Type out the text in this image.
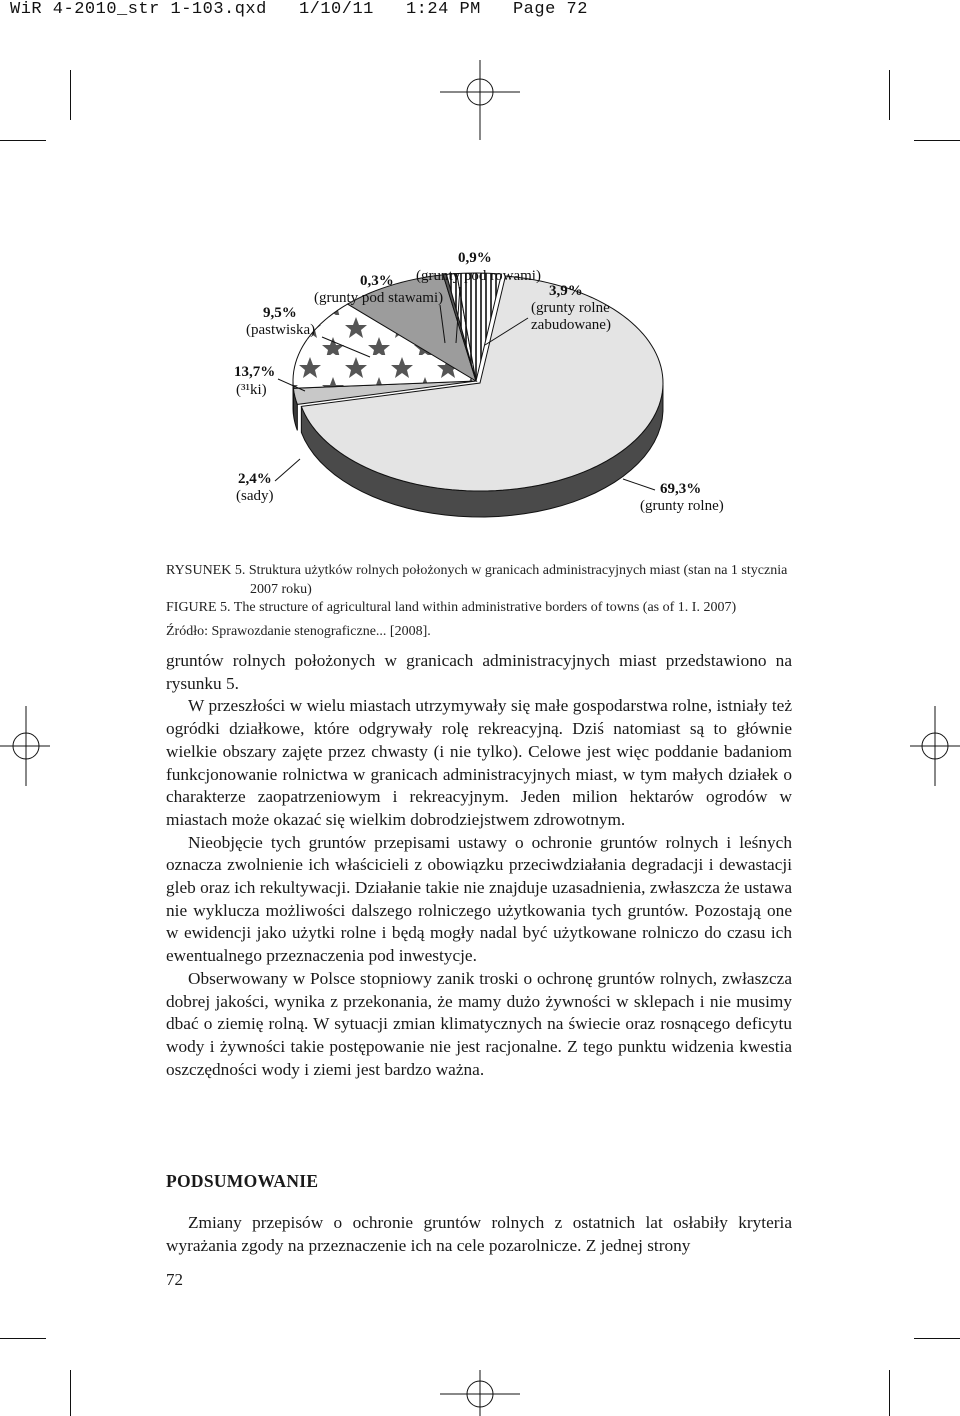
WiR 4-2010_str 1-103.qxd   1/10/11   1:24 PM   Page 72
0,9%
(grunty pod rowami)
0,3%
(grunty pod stawami)
9,5%
(pastwiska)
3,9%
(grunty rolne
zabudowane)
13,7%
(³¹ki)
2,4%
(sady)	69,3%
(grunty rolne)
RYSUNEK 5. Struktura użytków rolnych położonych w granicach administracyjnych miast (stan na 1 stycznia
2007 roku)
FIGURE 5. The structure of agricultural land within administrative borders of towns (as of 1. I. 2007)
Źródło: Sprawozdanie stenograficzne... [2008].

gruntów rolnych położonych w granicach administracyjnych miast przedstawiono na rysunku 5.

W przeszłości w wielu miastach utrzymywały się małe gospodarstwa rolne, istniały też ogródki działkowe, które odgrywały rolę rekreacyjną. Dziś natomiast są to głównie wielkie obszary zajęte przez chwasty (i nie tylko). Celowe jest więc poddanie badaniom funkcjonowanie rolnictwa w granicach administracyjnych miast, w tym małych działek o charakterze zaopatrzeniowym i rekreacyjnym. Jeden milion hektarów ogrodów w miastach może okazać się wielkim dobrodziejstwem zdrowotnym.

Nieobjęcie tych gruntów przepisami ustawy o ochronie gruntów rolnych i leśnych oznacza zwolnienie ich właścicieli z obowiązku przeciwdziałania degradacji i dewastacji gleb oraz ich rekultywacji. Działanie takie nie znajduje uzasadnienia, zwłaszcza że ustawa nie wyklucza możliwości dalszego rolniczego użytkowania tych gruntów. Pozostają one w ewidencji jako użytki rolne i będą mogły nadal być użytkowane rolniczo do czasu ich ewentualnego przeznaczenia pod inwestycje.

Obserwowany w Polsce stopniowy zanik troski o ochronę gruntów rolnych, zwłaszcza dobrej jakości, wynika z przekonania, że mamy dużo żywności w sklepach i nie musimy dbać o ziemię rolną. W sytuacji zmian klimatycznych na świecie oraz rosnącego deficytu wody i żywności takie postępowanie nie jest racjonalne. Z tego punktu widzenia kwestia oszczędności wody i ziemi jest bardzo ważna.

PODSUMOWANIE

Zmiany przepisów o ochronie gruntów rolnych z ostatnich lat osłabiły kryteria wyrażania zgody na przeznaczenie ich na cele pozarolnicze. Z jednej strony

72
